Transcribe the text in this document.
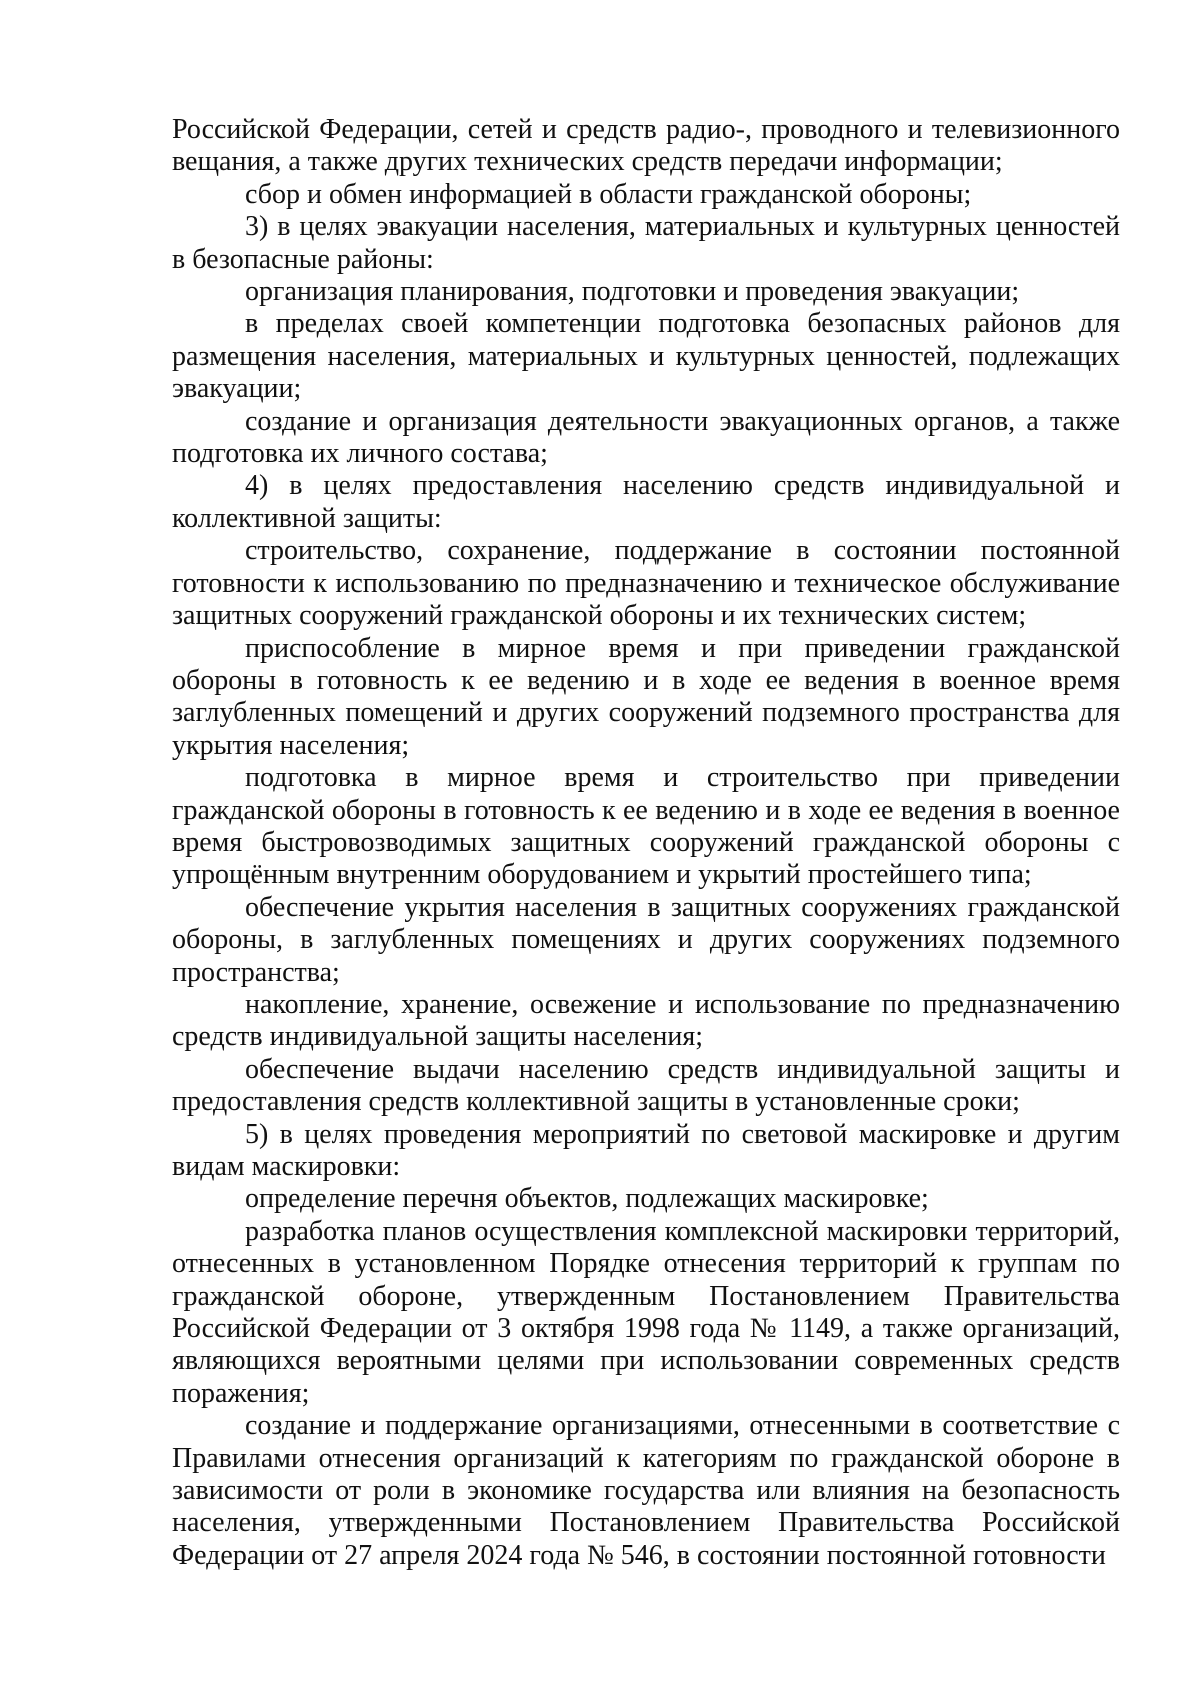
Российской Федерации, сетей и средств радио-, проводного и телевизионного вещания, а также других технических средств передачи информации;

сбор и обмен информацией в области гражданской обороны;

3) в целях эвакуации населения, материальных и культурных ценностей в безопасные районы:

организация планирования, подготовки и проведения эвакуации;

в пределах своей компетенции подготовка безопасных районов для размещения населения, материальных и культурных ценностей, подлежащих эвакуации;

создание и организация деятельности эвакуационных органов, а также подготовка их личного состава;

4) в целях предоставления населению средств индивидуальной и коллективной защиты:

строительство, сохранение, поддержание в состоянии постоянной готовности к использованию по предназначению и техническое обслуживание защитных сооружений гражданской обороны и их технических систем;

приспособление в мирное время и при приведении гражданской обороны в готовность к ее ведению и в ходе ее ведения в военное время заглубленных помещений и других сооружений подземного пространства для укрытия населения;

подготовка в мирное время и строительство при приведении гражданской обороны в готовность к ее ведению и в ходе ее ведения в военное время быстровозводимых защитных сооружений гражданской обороны с упрощённым внутренним оборудованием и укрытий простейшего типа;

обеспечение укрытия населения в защитных сооружениях гражданской обороны, в заглубленных помещениях и других сооружениях подземного пространства;

накопление, хранение, освежение и использование по предназначению средств индивидуальной защиты населения;

обеспечение выдачи населению средств индивидуальной защиты и предоставления средств коллективной защиты в установленные сроки;

5) в целях проведения мероприятий по световой маскировке и другим видам маскировки:

определение перечня объектов, подлежащих маскировке;

разработка планов осуществления комплексной маскировки территорий, отнесенных в установленном Порядке отнесения территорий к группам по гражданской обороне, утвержденным Постановлением Правительства Российской Федерации от 3 октября 1998 года № 1149, а также организаций, являющихся вероятными целями при использовании современных средств поражения;

создание и поддержание организациями, отнесенными в соответствие с Правилами отнесения организаций к категориям по гражданской обороне в зависимости от роли в экономике государства или влияния на безопасность населения, утвержденными Постановлением Правительства Российской Федерации от 27 апреля 2024 года № 546, в состоянии постоянной готовности
